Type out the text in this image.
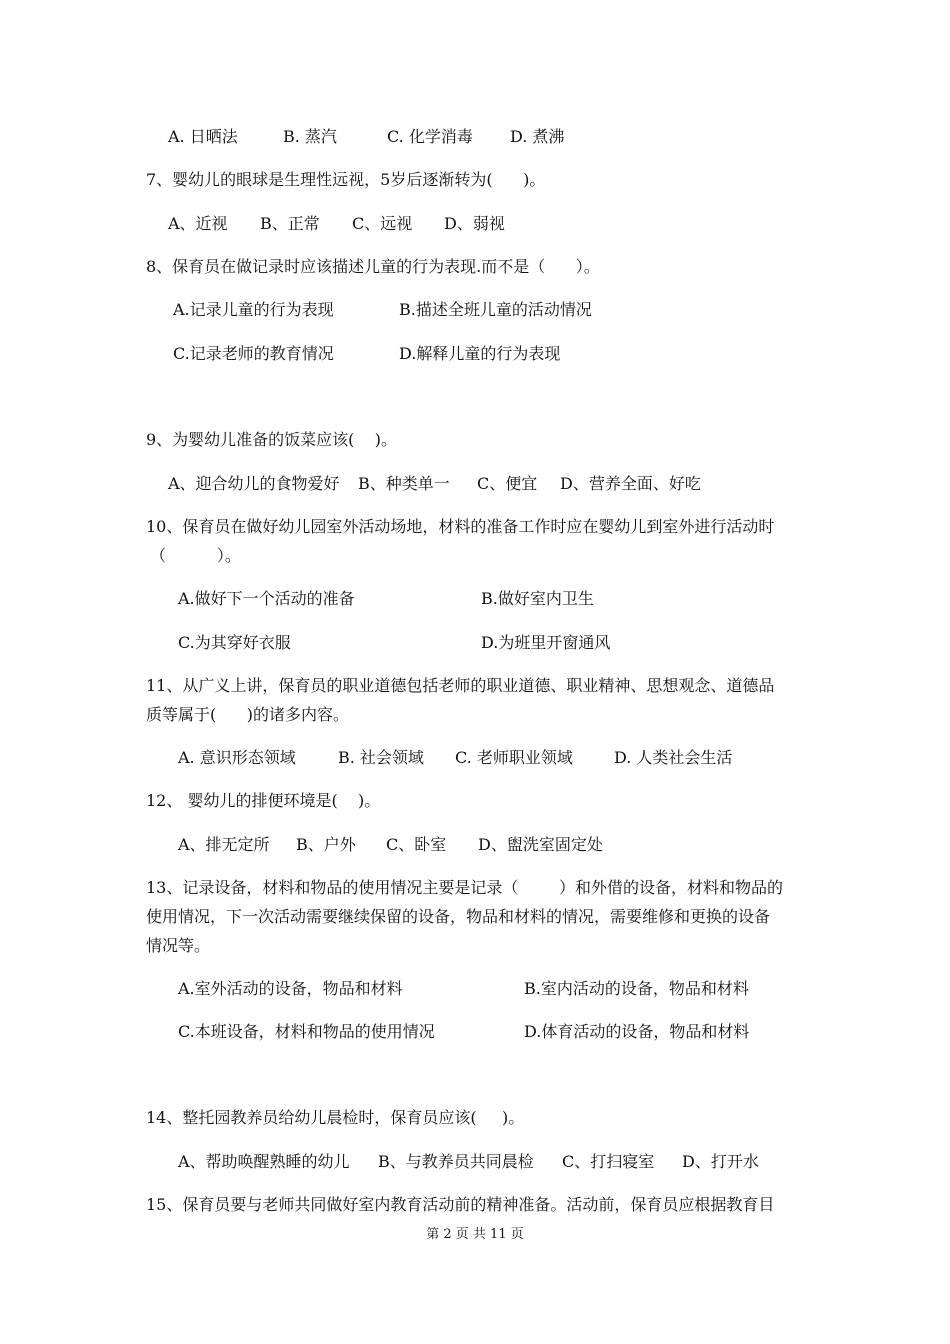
A. 日晒法	B. 蒸汽	C. 化学消毒 D. 煮沸
7、婴幼儿的眼球是生理性远视，5岁后逐渐转为(      )。
A、近视 B、正常 C、远视 D、弱视
8、保育员在做记录时应该描述儿童的行为表现.而不是（      ）。
A.记录儿童的行为表现	B.描述全班儿童的活动情况
C.记录老师的教育情况	D.解释儿童的行为表现
9、为婴幼儿准备的饭菜应该(    )。
A、迎合幼儿的食物爱好 B、种类单一 C、便宜 D、营养全面、好吃
10、保育员在做好幼儿园室外活动场地，材料的准备工作时应在婴幼儿到室外进行活动时
（          ）。
A.做好下一个活动的准备	B.做好室内卫生
C.为其穿好衣服	D.为班里开窗通风
11、从广义上讲，保育员的职业道德包括老师的职业道德、职业精神、思想观念、道德品
质等属于(      )的诸多内容。
A. 意识形态领域	B. 社会领域 C. 老师职业领域	D. 人类社会生活
12、 婴幼儿的排便环境是(    )。
A、排无定所 B、户外 C、卧室 D、盥洗室固定处
13、记录设备，材料和物品的使用情况主要是记录（        ）和外借的设备，材料和物品的
使用情况，下一次活动需要继续保留的设备，物品和材料的情况，需要维修和更换的设备
情况等。
A.室外活动的设备，物品和材料	B.室内活动的设备，物品和材料
C.本班设备，材料和物品的使用情况	D.体育活动的设备，物品和材料
14、整托园教养员给幼儿晨检时，保育员应该(     )。
A、帮助唤醒熟睡的幼儿 B、与教养员共同晨检 C、打扫寝室 D、打开水
15、保育员要与老师共同做好室内教育活动前的精神准备。活动前，保育员应根据教育目
第 2 页 共 11 页
